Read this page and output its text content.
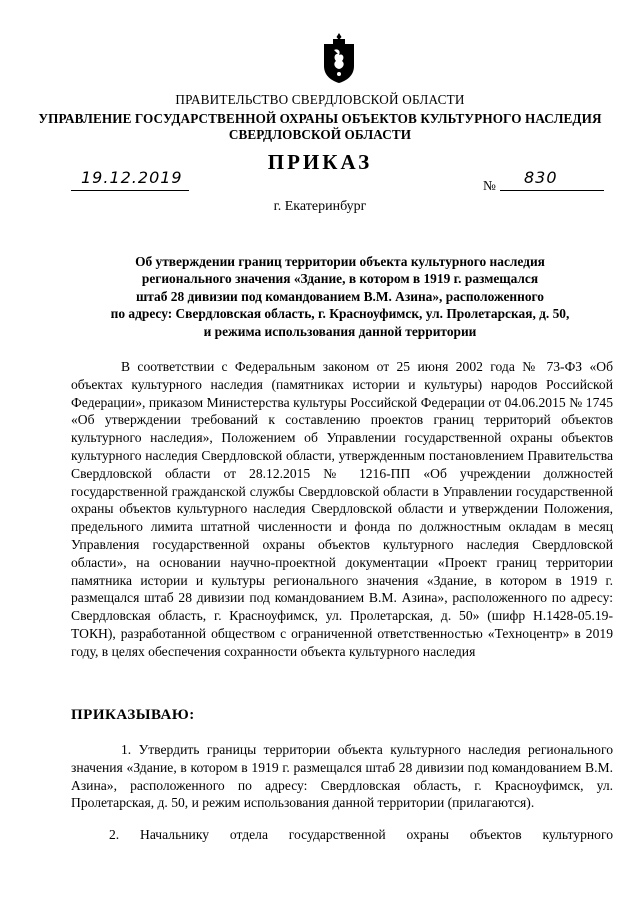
ПРАВИТЕЛЬСТВО СВЕРДЛОВСКОЙ ОБЛАСТИ
УПРАВЛЕНИЕ ГОСУДАРСТВЕННОЙ ОХРАНЫ ОБЪЕКТОВ КУЛЬТУРНОГО НАСЛЕДИЯ
СВЕРДЛОВСКОЙ ОБЛАСТИ
ПРИКАЗ
19.12.2019	№ 830
г. Екатеринбург
Об утверждении границ территории объекта культурного наследия
регионального значения «Здание, в котором в 1919 г. размещался
штаб 28 дивизии под командованием В.М. Азина», расположенного
по адресу: Свердловская область, г. Красноуфимск, ул. Пролетарская, д. 50,
и режима использования данной территории
В соответствии с Федеральным законом от 25 июня 2002 года № 73-ФЗ «Об объектах культурного наследия (памятниках истории и культуры) народов Российской Федерации», приказом Министерства культуры Российской Федерации от 04.06.2015 № 1745 «Об утверждении требований к составлению проектов границ территорий объектов культурного наследия», Положением об Управлении государственной охраны объектов культурного наследия Свердловской области, утвержденным постановлением Правительства Свердловской области от 28.12.2015 № 1216-ПП «Об учреждении должностей государственной гражданской службы Свердловской области в Управлении государственной охраны объектов культурного наследия Свердловской области и утверждении Положения, предельного лимита штатной численности и фонда по должностным окладам в месяц Управления государственной охраны объектов культурного наследия Свердловской области», на основании научно-проектной документации «Проект границ территории памятника истории и культуры регионального значения «Здание, в котором в 1919 г. размещался штаб 28 дивизии под командованием В.М. Азина», расположенного по адресу: Свердловская область, г. Красноуфимск, ул. Пролетарская, д. 50» (шифр Н.1428-05.19-ТОКН), разработанной обществом с ограниченной ответственностью «Техноцентр» в 2019 году, в целях обеспечения сохранности объекта культурного наследия
ПРИКАЗЫВАЮ:
1. Утвердить границы территории объекта культурного наследия регионального значения «Здание, в котором в 1919 г. размещался штаб 28 дивизии под командованием В.М. Азина», расположенного по адресу: Свердловская область, г. Красноуфимск, ул. Пролетарская, д. 50, и режим использования данной территории (прилагаются).
2. Начальнику отдела государственной охраны объектов культурного
